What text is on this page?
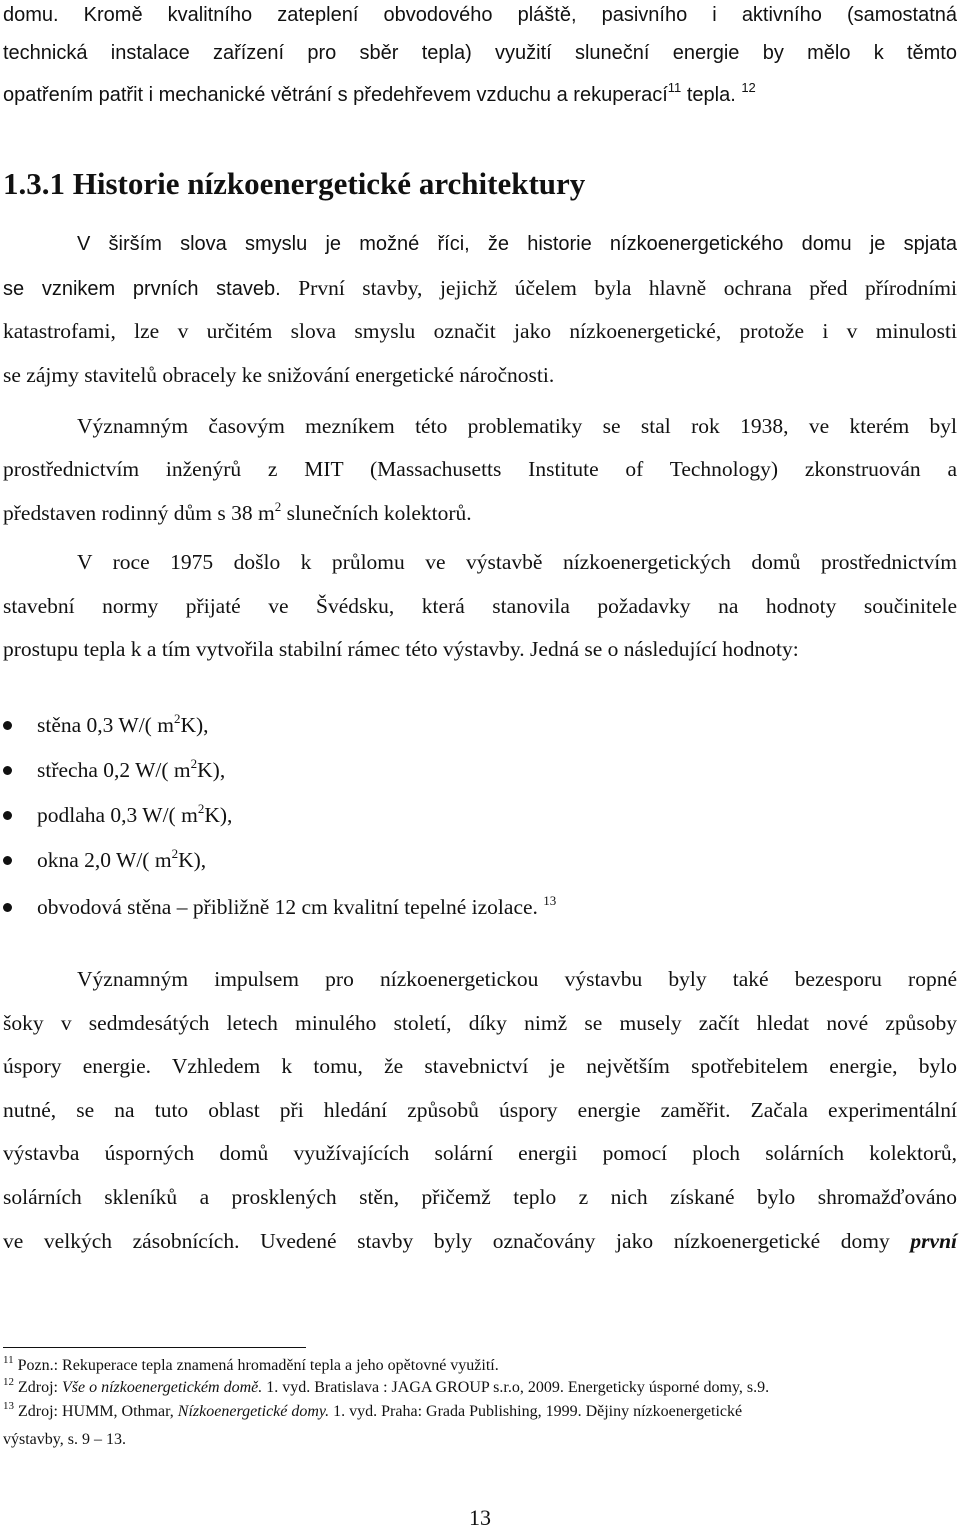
domu. Kromě kvalitního zateplení obvodového pláště, pasivního i aktivního (samostatná
technická instalace zařízení pro sběr tepla) využití sluneční energie by mělo k těmto
opatřením patřit i mechanické větrání s předehřevem vzduchu a rekuperací$^{11}$ tepla. $^{12}$
1.3.1 Historie nízkoenergetické architektury
V širším slova smyslu je možné říci, že historie nízkoenergetického domu je spjata
se vznikem prvních staveb. První stavby, jejichž účelem byla hlavně ochrana před přírodními
katastrofami, lze v určitém slova smyslu označit jako nízkoenergetické, protože i v minulosti
se zájmy stavitelů obracely ke snižování energetické náročnosti.
Významným časovým mezníkem této problematiky se stal rok 1938, ve kterém byl
prostřednictvím inženýrů z MIT (Massachusetts Institute of Technology) zkonstruován a
představen rodinný dům s 38 $m^2$ slunečních kolektorů.
V roce 1975 došlo k průlomu ve výstavbě nízkoenergetických domů prostřednictvím
stavební normy přijaté ve Švédsku, která stanovila požadavky na hodnoty součinitele
prostupu tepla k a tím vytvořila stabilní rámec této výstavby. Jedná se o následující hodnoty:
stěna 0,3 W/( $m^2K$),
střecha 0,2 W/( $m^2K$),
podlaha 0,3 W/( $m^2K$),
okna 2,0 W/( $m^2K$),
obvodová stěna – přibližně 12 cm kvalitní tepelné izolace. $^{13}$
Významným impulsem pro nízkoenergetickou výstavbu byly také bezesporu ropné
šoky v sedmdesátých letech minulého století, díky nimž se musely začít hledat nové způsoby
úspory energie. Vzhledem k tomu, že stavebnictví je největším spotřebitelem energie, bylo
nutné, se na tuto oblast při hledání způsobů úspory energie zaměřit. Začala experimentální
výstavba úsporných domů využívajících solární energii pomocí ploch solárních kolektorů,
solárních skleníků a prosklených stěn, přičemž teplo z nich získané bylo shromažďováno
ve velkých zásobnících. Uvedené stavby byly označovány jako nízkoenergetické domy první
$^{11}$ Pozn.: Rekuperace tepla znamená hromadění tepla a jeho opětovné využití.
$^{12}$ Zdroj: Vše o nízkoenergetickém domě. 1. vyd. Bratislava : JAGA GROUP s.r.o, 2009. Energeticky úsporné domy, s.9.
$^{13}$ Zdroj: HUMM, Othmar, Nízkoenergetické domy. 1. vyd. Praha: Grada Publishing, 1999. Dějiny nízkoenergetické
výstavby, s. 9 – 13.
13
